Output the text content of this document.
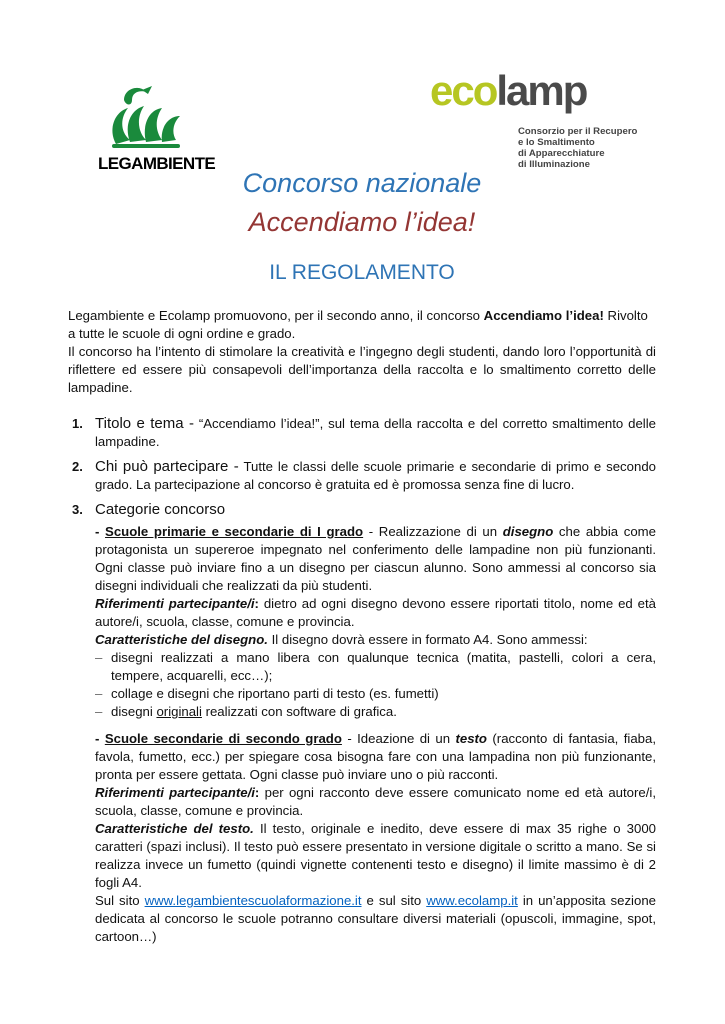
LEGAMBIENTE
ecolamp
Consorzio per il Recupero
e lo Smaltimento
di Apparecchiature
di Illuminazione
Concorso nazionale
Accendiamo l’idea!
IL REGOLAMENTO
Legambiente e Ecolamp promuovono, per il secondo anno, il concorso Accendiamo l’idea! Rivolto a tutte le scuole di ogni ordine e grado.
Il concorso ha l’intento di stimolare la creatività e l’ingegno degli studenti, dando loro l’opportunità di riflettere ed essere più consapevoli dell’importanza della raccolta e lo smaltimento corretto delle lampadine.
1. Titolo e tema - “Accendiamo l’idea!”, sul tema della raccolta e del corretto smaltimento delle lampadine.
2. Chi può partecipare - Tutte le classi delle scuole primarie e secondarie di primo e secondo grado. La partecipazione al concorso è gratuita ed è promossa senza fine di lucro.
3. Categorie concorso
- Scuole primarie e secondarie di I grado - Realizzazione di un disegno che abbia come protagonista un supereroe impegnato nel conferimento delle lampadine non più funzionanti. Ogni classe può inviare fino a un disegno per ciascun alunno. Sono ammessi al concorso sia disegni individuali che realizzati da più studenti.
Riferimenti partecipante/i: dietro ad ogni disegno devono essere riportati titolo, nome ed età autore/i, scuola, classe, comune e provincia.
Caratteristiche del disegno. Il disegno dovrà essere in formato A4. Sono ammessi:
– disegni realizzati a mano libera con qualunque tecnica (matita, pastelli, colori a cera, tempere, acquarelli, ecc…);
– collage e disegni che riportano parti di testo (es. fumetti)
– disegni originali realizzati con software di grafica.
- Scuole secondarie di secondo grado - Ideazione di un testo (racconto di fantasia, fiaba, favola, fumetto, ecc.) per spiegare cosa bisogna fare con una lampadina non più funzionante, pronta per essere gettata. Ogni classe può inviare uno o più racconti.
Riferimenti partecipante/i: per ogni racconto deve essere comunicato nome ed età autore/i, scuola, classe, comune e provincia.
Caratteristiche del testo. Il testo, originale e inedito, deve essere di max 35 righe o 3000 caratteri (spazi inclusi). Il testo può essere presentato in versione digitale o scritto a mano. Se si realizza invece un fumetto (quindi vignette contenenti testo e disegno) il limite massimo è di 2 fogli A4.
Sul sito www.legambientescuolaformazione.it e sul sito www.ecolamp.it in un’apposita sezione dedicata al concorso le scuole potranno consultare diversi materiali (opuscoli, immagine, spot, cartoon…)
